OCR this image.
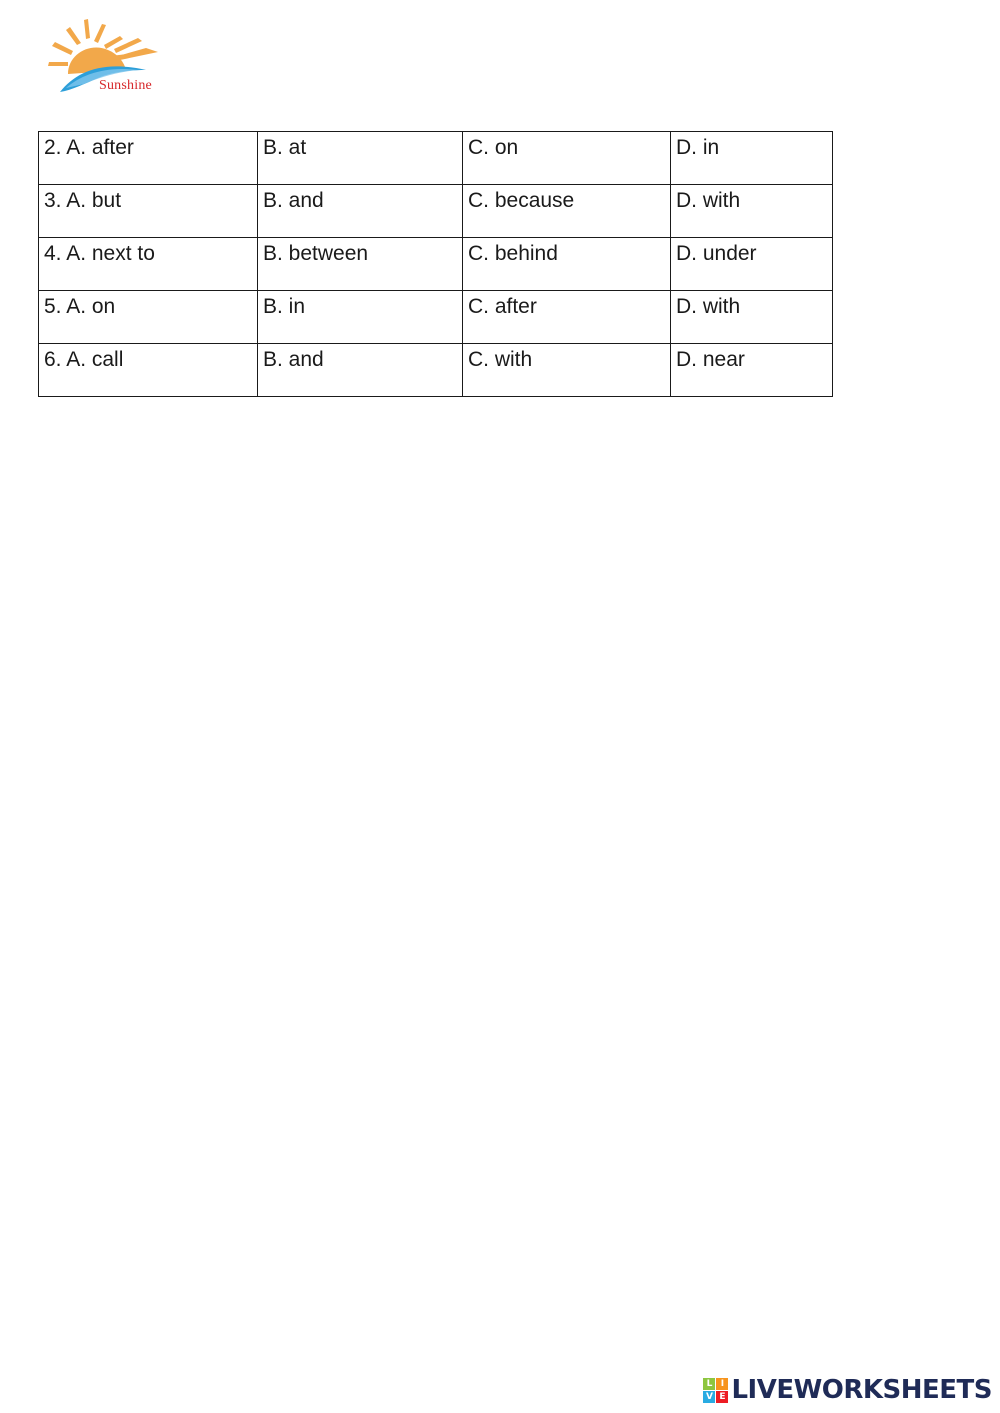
Sunshine
2. A. after	B. at	C. on	D. in
3. A. but	B. and	C. because	D. with
4. A. next to	B. between	C. behind	D. under
5. A. on	B. in	C. after	D. with
6. A. call	B. and	C. with	D. near
L I
V E LIVEWORKSHEETS
